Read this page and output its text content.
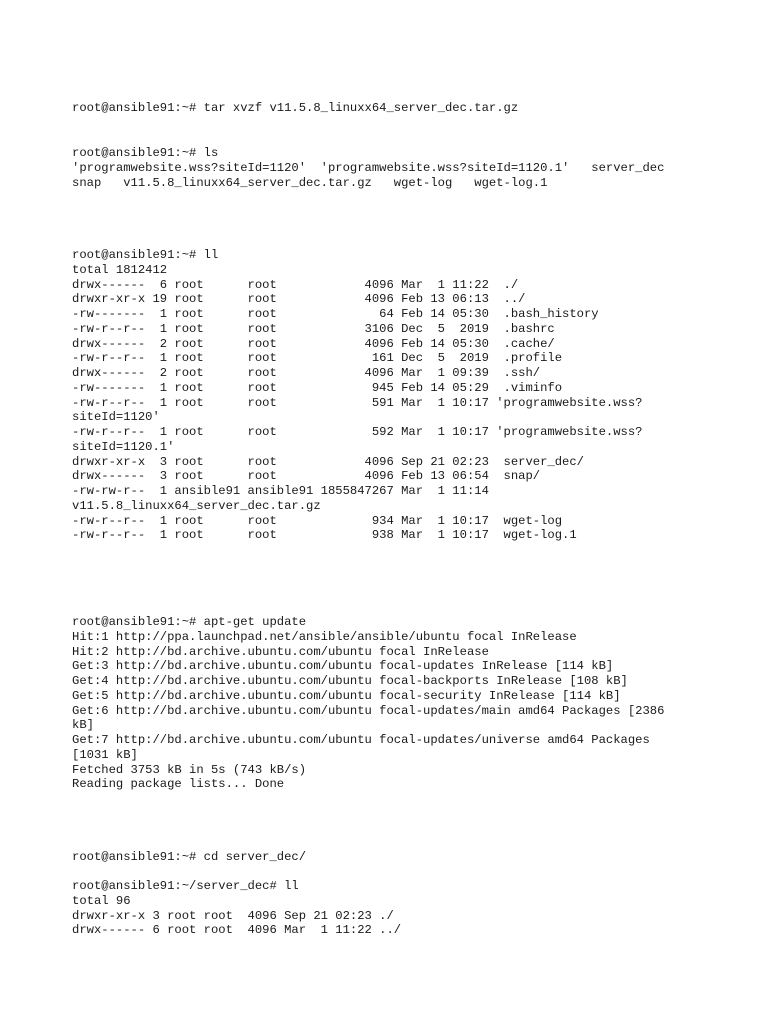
root@ansible91:~# tar xvzf v11.5.8_linuxx64_server_dec.tar.gz
root@ansible91:~# ls
'programwebsite.wss?siteId=1120'  'programwebsite.wss?siteId=1120.1'   server_dec
snap   v11.5.8_linuxx64_server_dec.tar.gz   wget-log   wget-log.1
root@ansible91:~# ll
total 1812412
drwx------  6 root      root            4096 Mar  1 11:22  ./
drwxr-xr-x 19 root      root            4096 Feb 13 06:13  ../
-rw-------  1 root      root              64 Feb 14 05:30  .bash_history
-rw-r--r--  1 root      root            3106 Dec  5  2019  .bashrc
drwx------  2 root      root            4096 Feb 14 05:30  .cache/
-rw-r--r--  1 root      root             161 Dec  5  2019  .profile
drwx------  2 root      root            4096 Mar  1 09:39  .ssh/
-rw-------  1 root      root             945 Feb 14 05:29  .viminfo
-rw-r--r--  1 root      root             591 Mar  1 10:17 'programwebsite.wss?
siteId=1120'
-rw-r--r--  1 root      root             592 Mar  1 10:17 'programwebsite.wss?
siteId=1120.1'
drwxr-xr-x  3 root      root            4096 Sep 21 02:23  server_dec/
drwx------  3 root      root            4096 Feb 13 06:54  snap/
-rw-rw-r--  1 ansible91 ansible91 1855847267 Mar  1 11:14
v11.5.8_linuxx64_server_dec.tar.gz
-rw-r--r--  1 root      root             934 Mar  1 10:17  wget-log
-rw-r--r--  1 root      root             938 Mar  1 10:17  wget-log.1
root@ansible91:~# apt-get update
Hit:1 http://ppa.launchpad.net/ansible/ansible/ubuntu focal InRelease
Hit:2 http://bd.archive.ubuntu.com/ubuntu focal InRelease
Get:3 http://bd.archive.ubuntu.com/ubuntu focal-updates InRelease [114 kB]
Get:4 http://bd.archive.ubuntu.com/ubuntu focal-backports InRelease [108 kB]
Get:5 http://bd.archive.ubuntu.com/ubuntu focal-security InRelease [114 kB]
Get:6 http://bd.archive.ubuntu.com/ubuntu focal-updates/main amd64 Packages [2386
kB]
Get:7 http://bd.archive.ubuntu.com/ubuntu focal-updates/universe amd64 Packages
[1031 kB]
Fetched 3753 kB in 5s (743 kB/s)
Reading package lists... Done
root@ansible91:~# cd server_dec/
root@ansible91:~/server_dec# ll
total 96
drwxr-xr-x 3 root root  4096 Sep 21 02:23 ./
drwx------ 6 root root  4096 Mar  1 11:22 ../
